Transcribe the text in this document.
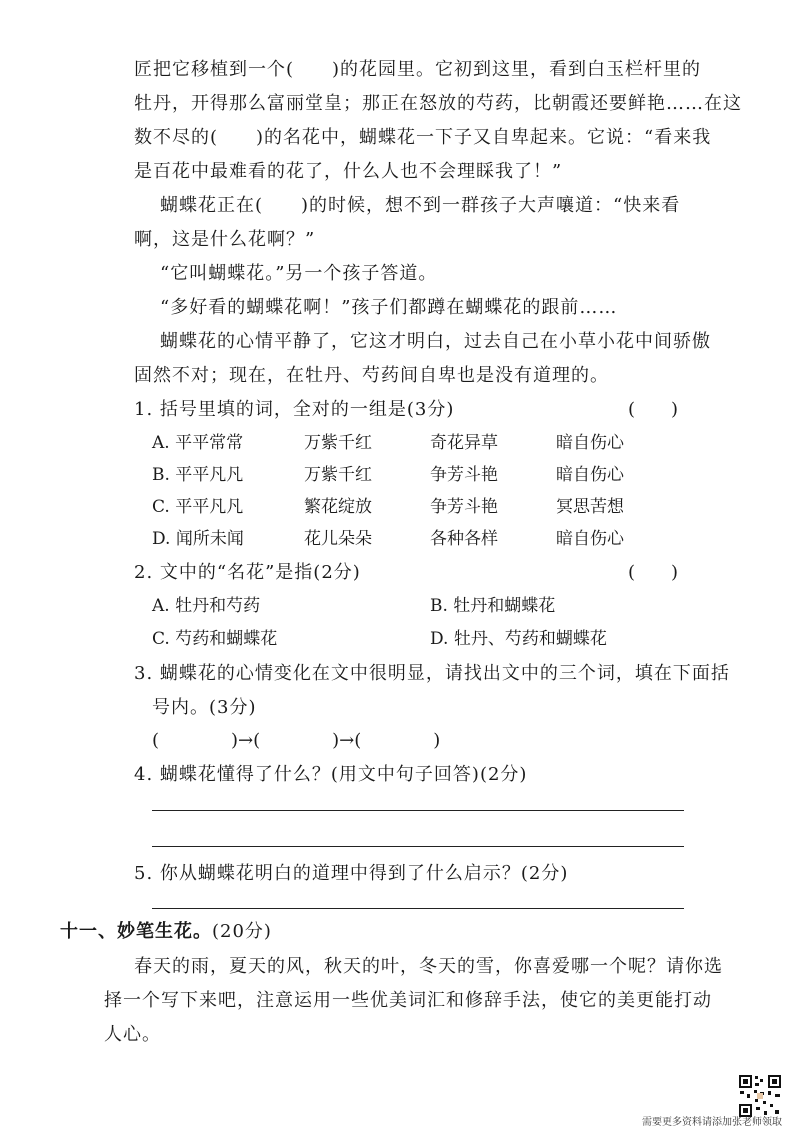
匠把它移植到一个(　　)的花园里。它初到这里，看到白玉栏杆里的
牡丹，开得那么富丽堂皇；那正在怒放的芍药，比朝霞还要鲜艳……在这
数不尽的(　　)的名花中，蝴蝶花一下子又自卑起来。它说：“看来我
是百花中最难看的花了，什么人也不会理睬我了！”
蝴蝶花正在(　　)的时候，想不到一群孩子大声嚷道：“快来看
啊，这是什么花啊？”
“它叫蝴蝶花。”另一个孩子答道。
“多好看的蝴蝶花啊！”孩子们都蹲在蝴蝶花的跟前……
蝴蝶花的心情平静了，它这才明白，过去自己在小草小花中间骄傲
固然不对；现在，在牡丹、芍药间自卑也是没有道理的。
1. 括号里填的词，全对的一组是(3分)	(　　)
A. 平平常常	万紫千红	奇花异草	暗自伤心
B. 平平凡凡	万紫千红	争芳斗艳	暗自伤心
C. 平平凡凡	繁花绽放	争芳斗艳	冥思苦想
D. 闻所未闻	花儿朵朵	各种各样	暗自伤心
2. 文中的“名花”是指(2分)	(　　)
A. 牡丹和芍药	B. 牡丹和蝴蝶花
C. 芍药和蝴蝶花	D. 牡丹、芍药和蝴蝶花
3. 蝴蝶花的心情变化在文中很明显，请找出文中的三个词，填在下面括
号内。(3分)
(　　　　)→(　　　　)→(　　　　)
4. 蝴蝶花懂得了什么？(用文中句子回答)(2分)
5. 你从蝴蝶花明白的道理中得到了什么启示？(2分)
十一、妙笔生花。(20分)
春天的雨，夏天的风，秋天的叶，冬天的雪，你喜爱哪一个呢？请你选
择一个写下来吧，注意运用一些优美词汇和修辞手法，使它的美更能打动
人心。
需要更多资料请添加张老师领取
